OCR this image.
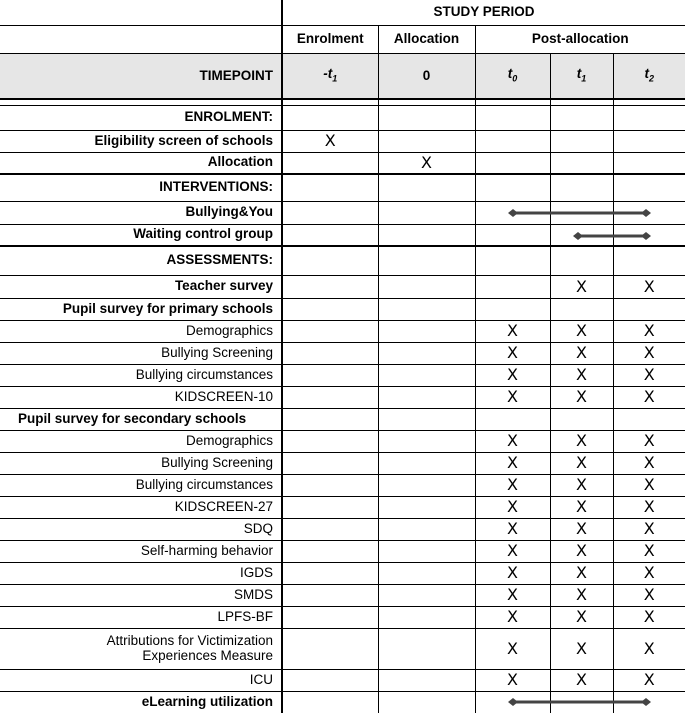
	STUDY PERIOD				
	Enrolment	Allocation	Post-allocation		
TIMEPOINT	$-t_1$	0	$t_0$	$t_1$	$t_2$

ENROLMENT:					
Eligibility screen of schools	X				
Allocation		X			
INTERVENTIONS:					
Bullying&You					
Waiting control group					
ASSESSMENTS:					
Teacher survey				X	X
Pupil survey for primary schools					
Demographics			X	X	X
Bullying Screening			X	X	X
Bullying circumstances			X	X	X
KIDSCREEN-10			X	X	X
Pupil survey for secondary schools					
Demographics			X	X	X
Bullying Screening			X	X	X
Bullying circumstances			X	X	X
KIDSCREEN-27			X	X	X
SDQ			X	X	X
Self-harming behavior			X	X	X
IGDS			X	X	X
SMDS			X	X	X
LPFS-BF			X	X	X
Attributions for Victimization
Experiences Measure			X	X	X
ICU			X	X	X
eLearning utilization					
